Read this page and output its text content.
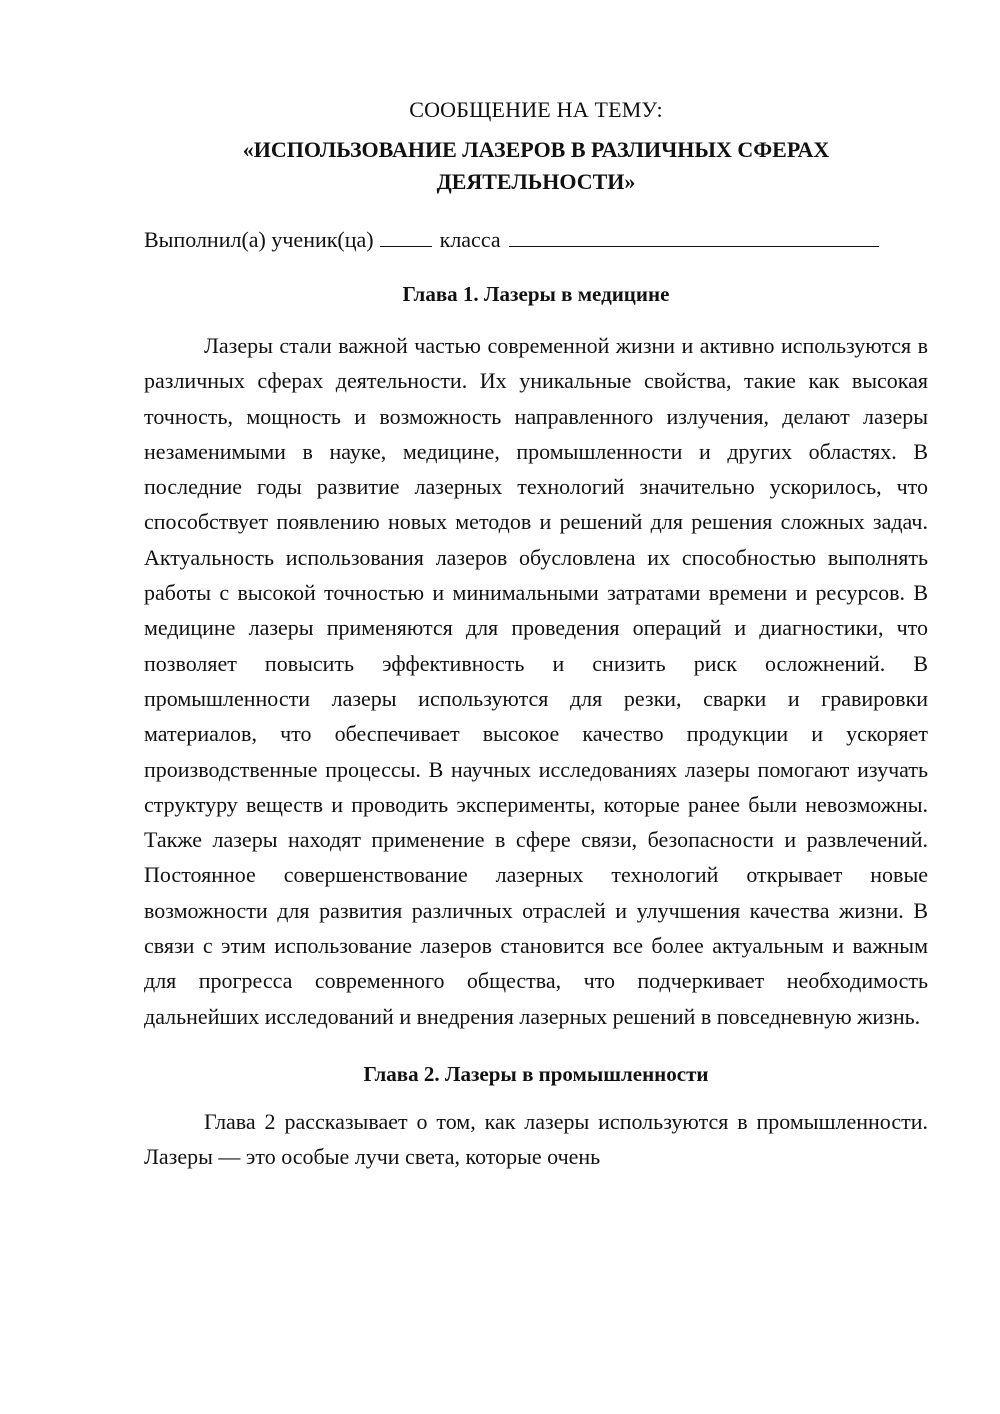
СООБЩЕНИЕ НА ТЕМУ:
«ИСПОЛЬЗОВАНИЕ ЛАЗЕРОВ В РАЗЛИЧНЫХ СФЕРАХ ДЕЯТЕЛЬНОСТИ»
Выполнил(а) ученик(ца)	класса
Глава 1. Лазеры в медицине

Лазеры стали важной частью современной жизни и активно используются в различных сферах деятельности. Их уникальные свойства, такие как высокая точность, мощность и возможность направленного излучения, делают лазеры незаменимыми в науке, медицине, промышленности и других областях. В последние годы развитие лазерных технологий значительно ускорилось, что способствует появлению новых методов и решений для решения сложных задач. Актуальность использования лазеров обусловлена их способностью выполнять работы с высокой точностью и минимальными затратами времени и ресурсов. В медицине лазеры применяются для проведения операций и диагностики, что позволяет повысить эффективность и снизить риск осложнений. В промышленности лазеры используются для резки, сварки и гравировки материалов, что обеспечивает высокое качество продукции и ускоряет производственные процессы. В научных исследованиях лазеры помогают изучать структуру веществ и проводить эксперименты, которые ранее были невозможны. Также лазеры находят применение в сфере связи, безопасности и развлечений. Постоянное совершенствование лазерных технологий открывает новые возможности для развития различных отраслей и улучшения качества жизни. В связи с этим использование лазеров становится все более актуальным и важным для прогресса современного общества, что подчеркивает необходимость дальнейших исследований и внедрения лазерных решений в повседневную жизнь.

Глава 2. Лазеры в промышленности

Глава 2 рассказывает о том, как лазеры используются в промышленности. Лазеры — это особые лучи света, которые очень
